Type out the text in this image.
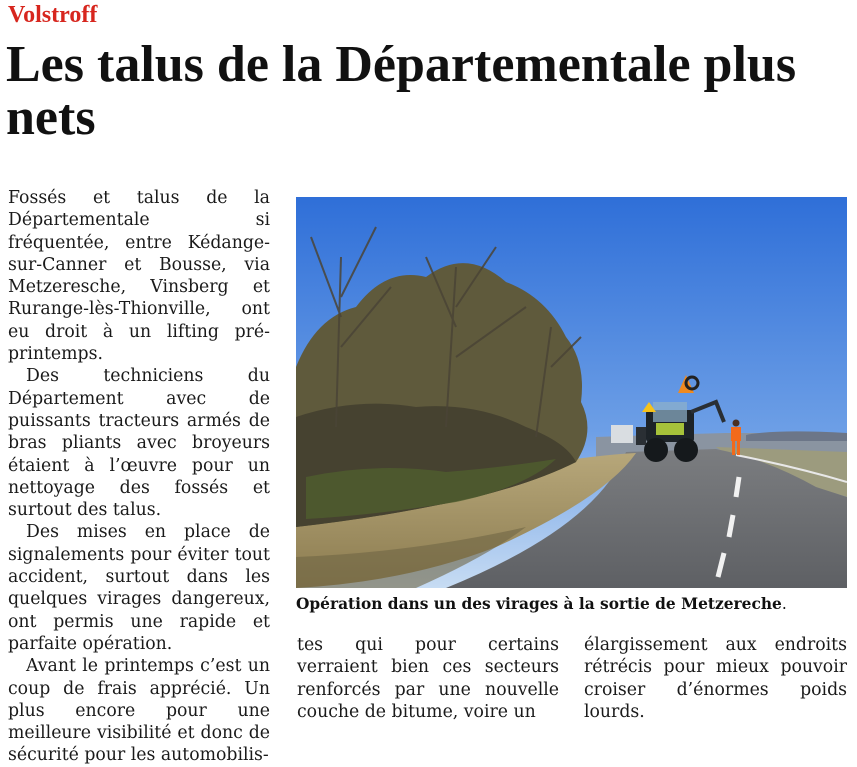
Volstroff
Les talus de la Départementale plus nets

Fossés et talus de la Départementale si fréquentée, entre Kédange-sur-Canner et Bousse, via Metzeresche, Vinsberg et Rurange-lès-Thionville, ont eu droit à un lifting pré-printemps.

Des techniciens du Département avec de puissants tracteurs armés de bras pliants avec broyeurs étaient à l’œuvre pour un nettoyage des fossés et surtout des talus.

Des mises en place de signalements pour éviter tout accident, surtout dans les quelques virages dangereux, ont permis une rapide et parfaite opération.

Avant le printemps c’est un coup de frais apprécié. Un plus encore pour une meilleure visibilité et donc de sécurité pour les automobilis-

Opération dans un des virages à la sortie de Metzereche.

tes qui pour certains verraient bien ces secteurs renforcés par une nouvelle couche de bitume, voire un

élargissement aux endroits rétrécis pour mieux pouvoir croiser d’énormes poids lourds.
